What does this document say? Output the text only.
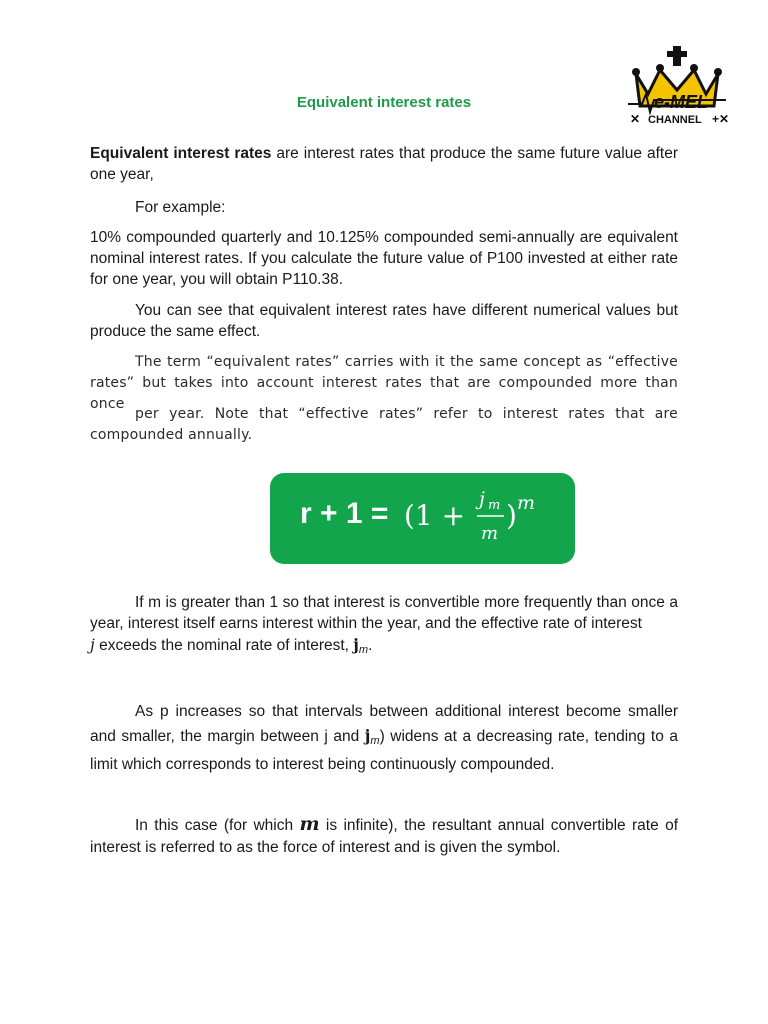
e-MEL
CHANNEL
✕	+✕
Equivalent interest rates

Equivalent interest rates are interest rates that produce the same future value after one year,

For example:

10% compounded quarterly and 10.125% compounded semi-annually are equivalent nominal interest rates. If you calculate the future value of P100 invested at either rate for one year, you will obtain P110.38.

You can see that equivalent interest rates have different numerical values but produce the same effect.

The term “equivalent rates” carries with it the same concept as “effective rates” but takes into account interest rates that are compounded more than once

per year. Note that “effective rates” refer to interest rates that are compounded annually.

r + 1 = (1 + j m
m
) m

If m is greater than 1 so that interest is convertible more frequently than once a year, interest itself earns interest within the year, and the effective rate of interest
j exceeds the nominal rate of interest, $j_m$.

As p increases so that intervals between additional interest become smaller and smaller, the margin between j and $j_m$) widens at a decreasing rate, tending to a limit which corresponds to interest being continuously compounded.

In this case (for which m is infinite), the resultant annual convertible rate of interest is referred to as the force of interest and is given the symbol.
